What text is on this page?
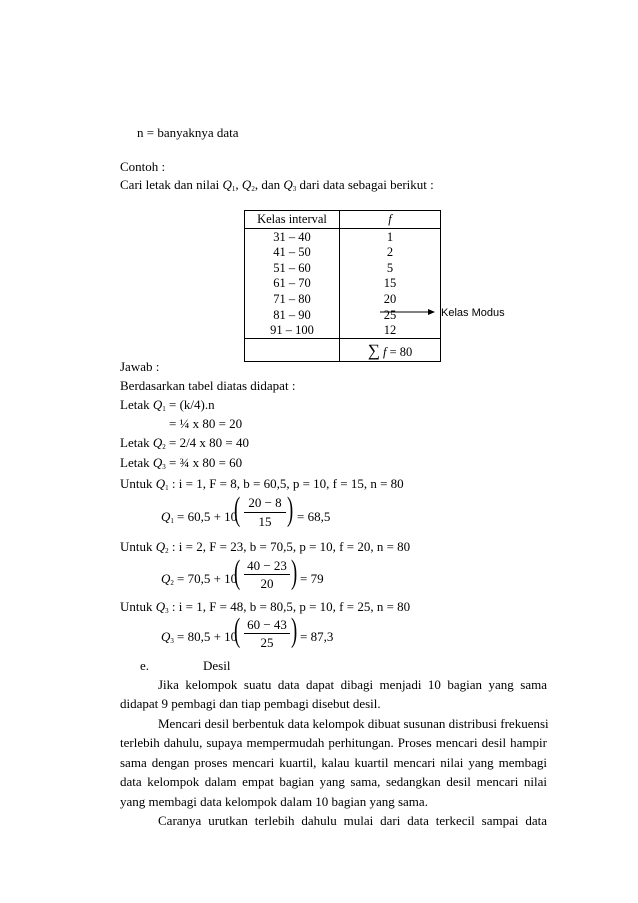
n = banyaknya data
Contoh :
Cari letak dan nilai $Q_1$, $Q_2$, dan $Q_3$ dari data sebagai berikut :
Kelas interval	f
31 – 40	1
41 – 50	2
51 – 60	5
61 – 70	15
71 – 80	20
81 – 90	25
91 – 100	12
	∑ f = 80
Kelas Modus
Jawab :
Berdasarkan tabel diatas didapat :
Letak $Q_1 = (k/4).n$
= ¼ x 80 = 20
Letak $Q_2 = 2/4$ x 80 = 40
Letak $Q_3$ = ¾ x 80 = 60
Untuk $Q_1$ : i = 1, F = 8, b = 60,5, p = 10, f = 15, n = 80
$Q_1 = 60,5 + 10$
( 20 − 8
15 ) = 68,5
Untuk $Q_2$ : i = 2, F = 23, b = 70,5, p = 10, f = 20, n = 80
$Q_2 = 70,5 + 10$
( 40 − 23
20 ) = 79
Untuk $Q_3$ : i = 1, F = 48, b = 80,5, p = 10, f = 25, n = 80
$Q_3 = 80,5 + 10$
( 60 − 43
25 ) = 87,3
e.	Desil
Jika kelompok suatu data dapat dibagi menjadi 10 bagian yang sama
didapat 9 pembagi dan tiap pembagi disebut desil.
Mencari desil berbentuk data kelompok dibuat susunan distribusi frekuensi
terlebih dahulu, supaya mempermudah perhitungan. Proses mencari desil hampir
sama dengan proses mencari kuartil, kalau kuartil mencari nilai yang membagi
data kelompok dalam empat bagian yang sama, sedangkan desil mencari nilai
yang membagi data kelompok dalam 10 bagian yang sama.
Caranya urutkan terlebih dahulu mulai dari data terkecil sampai data
